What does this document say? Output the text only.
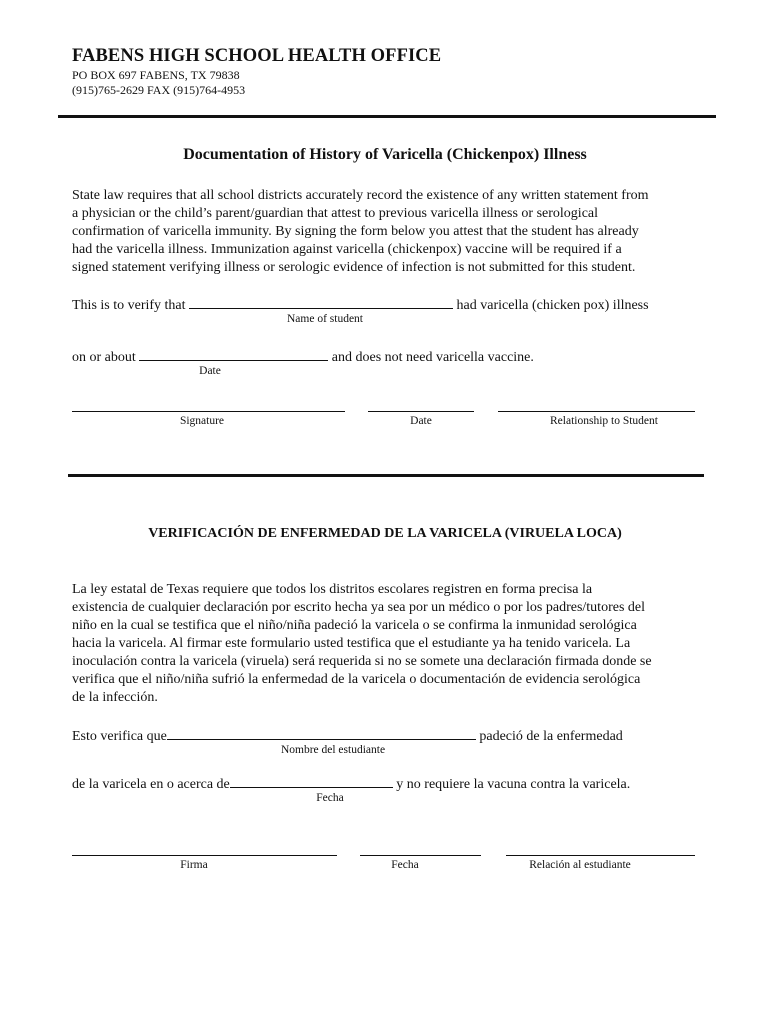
FABENS HIGH SCHOOL HEALTH OFFICE
PO BOX 697 FABENS, TX 79838
(915)765-2629 FAX (915)764-4953
Documentation of History of Varicella (Chickenpox) Illness
State law requires that all school districts accurately record the existence of any written statement from
a physician or the child’s parent/guardian that attest to previous varicella illness or serological
confirmation of varicella immunity. By signing the form below you attest that the student has already
had the varicella illness. Immunization against varicella (chickenpox) vaccine will be required if a
signed statement verifying illness or serologic evidence of infection is not submitted for this student.
This is to verify that	had varicella (chicken pox) illness
Name of student
on or about	and does not need varicella vaccine.
Date
Signature	Date	Relationship to Student
VERIFICACIÓN DE ENFERMEDAD DE LA VARICELA (VIRUELA LOCA)
La ley estatal de Texas requiere que todos los distritos escolares registren en forma precisa la
existencia de cualquier declaración por escrito hecha ya sea por un médico o por los padres/tutores del
niño en la cual se testifica que el niño/niña padeció la varicela o se confirma la inmunidad serológica
hacia la varicela. Al firmar este formulario usted testifica que el estudiante ya ha tenido varicela. La
inoculación contra la varicela (viruela) será requerida si no se somete una declaración firmada donde se
verifica que el niño/niña sufrió la enfermedad de la varicela o documentación de evidencia serológica
de la infección.
Esto verifica que	padeció de la enfermedad
Nombre del estudiante
de la varicela en o acerca de	y no requiere la vacuna contra la varicela.
Fecha
Firma	Fecha	Relación al estudiante
